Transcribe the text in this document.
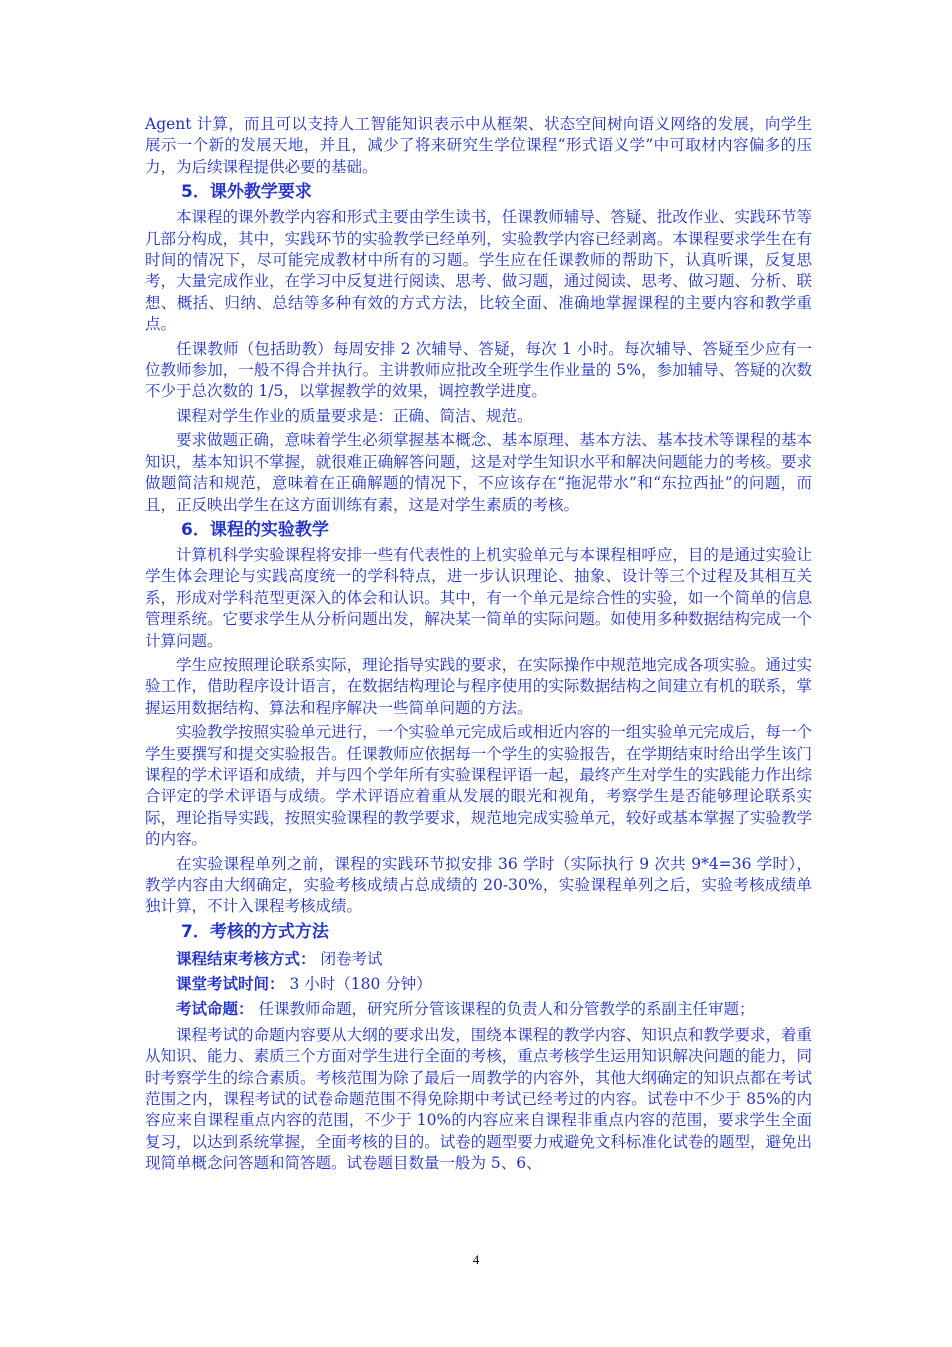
Agent 计算，而且可以支持人工智能知识表示中从框架、状态空间树向语义网络的发展，向学生展示一个新的发展天地，并且，减少了将来研究生学位课程“形式语义学”中可取材内容偏多的压力，为后续课程提供必要的基础。

5．课外教学要求

本课程的课外教学内容和形式主要由学生读书，任课教师辅导、答疑、批改作业、实践环节等几部分构成，其中，实践环节的实验教学已经单列，实验教学内容已经剥离。本课程要求学生在有时间的情况下，尽可能完成教材中所有的习题。学生应在任课教师的帮助下，认真听课，反复思考，大量完成作业，在学习中反复进行阅读、思考、做习题，通过阅读、思考、做习题、分析、联想、概括、归纳、总结等多种有效的方式方法，比较全面、准确地掌握课程的主要内容和教学重点。

任课教师（包括助教）每周安排 2 次辅导、答疑，每次 1 小时。每次辅导、答疑至少应有一位教师参加，一般不得合并执行。主讲教师应批改全班学生作业量的 5%，参加辅导、答疑的次数不少于总次数的 1/5，以掌握教学的效果，调控教学进度。

课程对学生作业的质量要求是：正确、简洁、规范。

要求做题正确，意味着学生必须掌握基本概念、基本原理、基本方法、基本技术等课程的基本知识，基本知识不掌握，就很难正确解答问题，这是对学生知识水平和解决问题能力的考核。要求做题简洁和规范，意味着在正确解题的情况下，不应该存在“拖泥带水”和“东拉西扯”的问题，而且，正反映出学生在这方面训练有素，这是对学生素质的考核。

6．课程的实验教学

计算机科学实验课程将安排一些有代表性的上机实验单元与本课程相呼应，目的是通过实验让学生体会理论与实践高度统一的学科特点，进一步认识理论、抽象、设计等三个过程及其相互关系，形成对学科范型更深入的体会和认识。其中，有一个单元是综合性的实验，如一个简单的信息管理系统。它要求学生从分析问题出发，解决某一简单的实际问题。如使用多种数据结构完成一个计算问题。

学生应按照理论联系实际，理论指导实践的要求，在实际操作中规范地完成各项实验。通过实验工作，借助程序设计语言，在数据结构理论与程序使用的实际数据结构之间建立有机的联系，掌握运用数据结构、算法和程序解决一些简单问题的方法。

实验教学按照实验单元进行，一个实验单元完成后或相近内容的一组实验单元完成后，每一个学生要撰写和提交实验报告。任课教师应依据每一个学生的实验报告，在学期结束时给出学生该门课程的学术评语和成绩，并与四个学年所有实验课程评语一起，最终产生对学生的实践能力作出综合评定的学术评语与成绩。学术评语应着重从发展的眼光和视角，考察学生是否能够理论联系实际，理论指导实践，按照实验课程的教学要求，规范地完成实验单元，较好或基本掌握了实验教学的内容。

在实验课程单列之前，课程的实践环节拟安排 36 学时（实际执行 9 次共 9*4=36 学时），教学内容由大纲确定，实验考核成绩占总成绩的 20-30%，实验课程单列之后，实验考核成绩单独计算，不计入课程考核成绩。

7．考核的方式方法

课程结束考核方式： 闭卷考试

课堂考试时间： 3 小时（180 分钟）

考试命题： 任课教师命题，研究所分管该课程的负责人和分管教学的系副主任审题；

课程考试的命题内容要从大纲的要求出发，围绕本课程的教学内容、知识点和教学要求，着重从知识、能力、素质三个方面对学生进行全面的考核，重点考核学生运用知识解决问题的能力，同时考察学生的综合素质。考核范围为除了最后一周教学的内容外，其他大纲确定的知识点都在考试范围之内，课程考试的试卷命题范围不得免除期中考试已经考过的内容。试卷中不少于 85%的内容应来自课程重点内容的范围，不少于 10%的内容应来自课程非重点内容的范围，要求学生全面复习，以达到系统掌握，全面考核的目的。试卷的题型要力戒避免文科标准化试卷的题型，避免出现简单概念问答题和简答题。试卷题目数量一般为 5、6、

4
